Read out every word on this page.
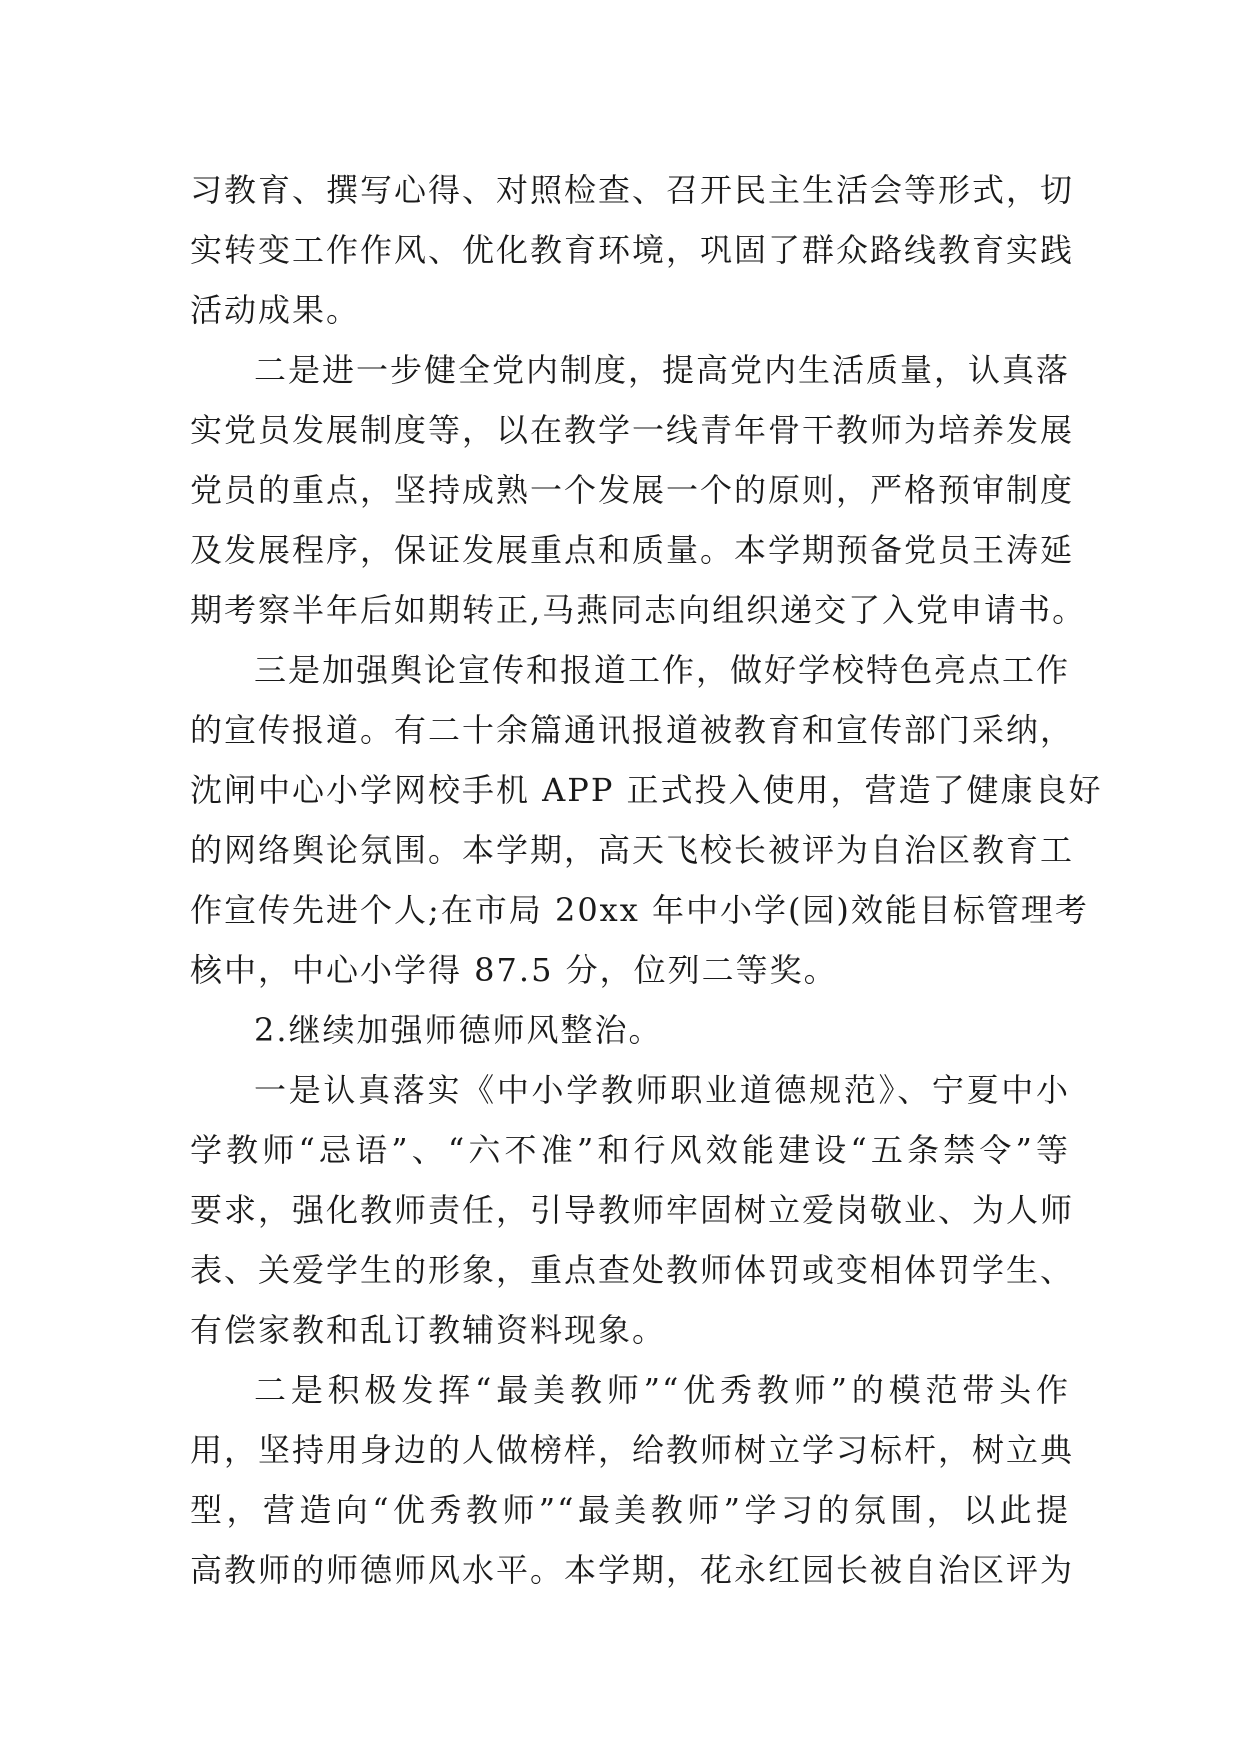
习教育、撰写心得、对照检查、召开民主生活会等形式，切
实转变工作作风、优化教育环境，巩固了群众路线教育实践
活动成果。
二是进一步健全党内制度，提高党内生活质量，认真落
实党员发展制度等，以在教学一线青年骨干教师为培养发展
党员的重点，坚持成熟一个发展一个的原则，严格预审制度
及发展程序，保证发展重点和质量。本学期预备党员王涛延
期考察半年后如期转正,马燕同志向组织递交了入党申请书。
三是加强舆论宣传和报道工作，做好学校特色亮点工作
的宣传报道。有二十余篇通讯报道被教育和宣传部门采纳，
沈闸中心小学网校手机 APP 正式投入使用，营造了健康良好
的网络舆论氛围。本学期，高天飞校长被评为自治区教育工
作宣传先进个人;在市局 20xx 年中小学(园)效能目标管理考
核中，中心小学得 87.5 分，位列二等奖。
2.继续加强师德师风整治。
一是认真落实《中小学教师职业道德规范》、宁夏中小
学教师“忌语”、“六不准”和行风效能建设“五条禁令”等
要求，强化教师责任，引导教师牢固树立爱岗敬业、为人师
表、关爱学生的形象，重点查处教师体罚或变相体罚学生、
有偿家教和乱订教辅资料现象。
二是积极发挥“最美教师”“优秀教师”的模范带头作
用，坚持用身边的人做榜样，给教师树立学习标杆，树立典
型，营造向“优秀教师”“最美教师”学习的氛围，以此提
高教师的师德师风水平。本学期，花永红园长被自治区评为
